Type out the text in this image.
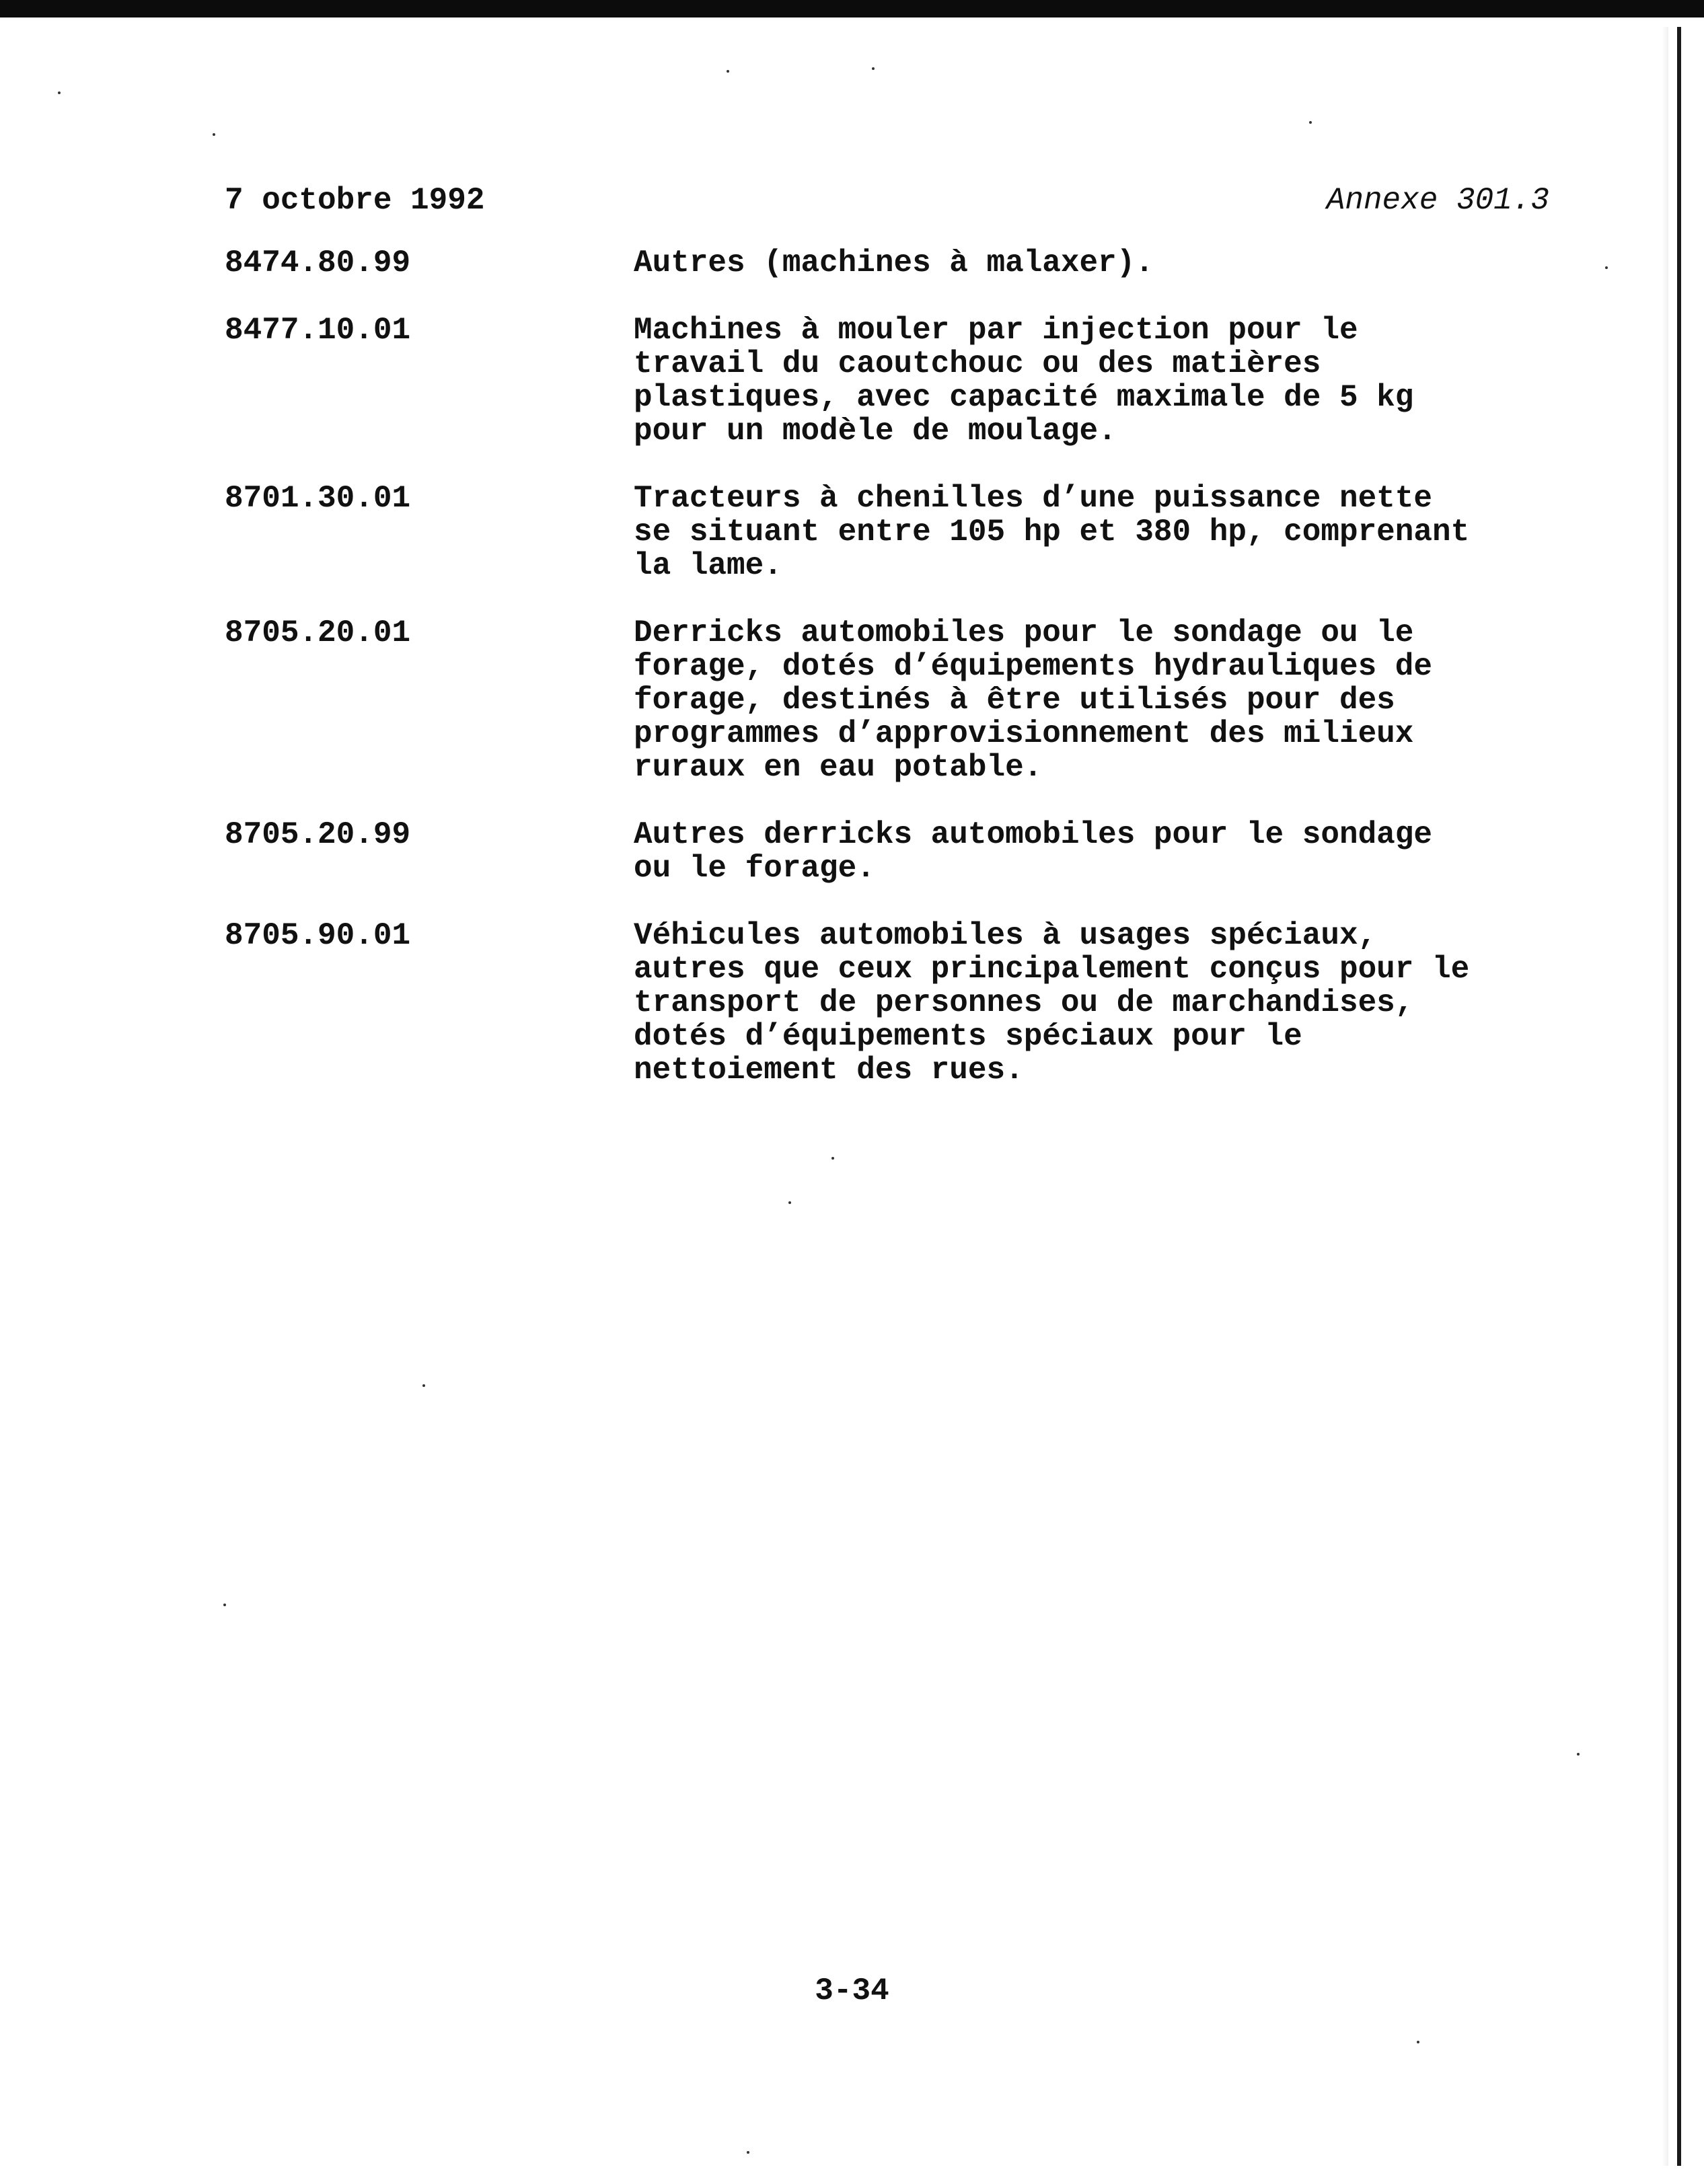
7 octobre 1992	Annexe 301.3
8474.80.99	Autres (machines à malaxer).

8477.10.01	Machines à mouler par injection pour le
travail du caoutchouc ou des matières
plastiques, avec capacité maximale de 5 kg
pour un modèle de moulage.

8701.30.01	Tracteurs à chenilles d’une puissance nette
se situant entre 105 hp et 380 hp, comprenant
la lame.

8705.20.01	Derricks automobiles pour le sondage ou le
forage, dotés d’équipements hydrauliques de
forage, destinés à être utilisés pour des
programmes d’approvisionnement des milieux
ruraux en eau potable.

8705.20.99	Autres derricks automobiles pour le sondage
ou le forage.

8705.90.01	Véhicules automobiles à usages spéciaux,
autres que ceux principalement conçus pour le
transport de personnes ou de marchandises,
dotés d’équipements spéciaux pour le
nettoiement des rues.

3-34
